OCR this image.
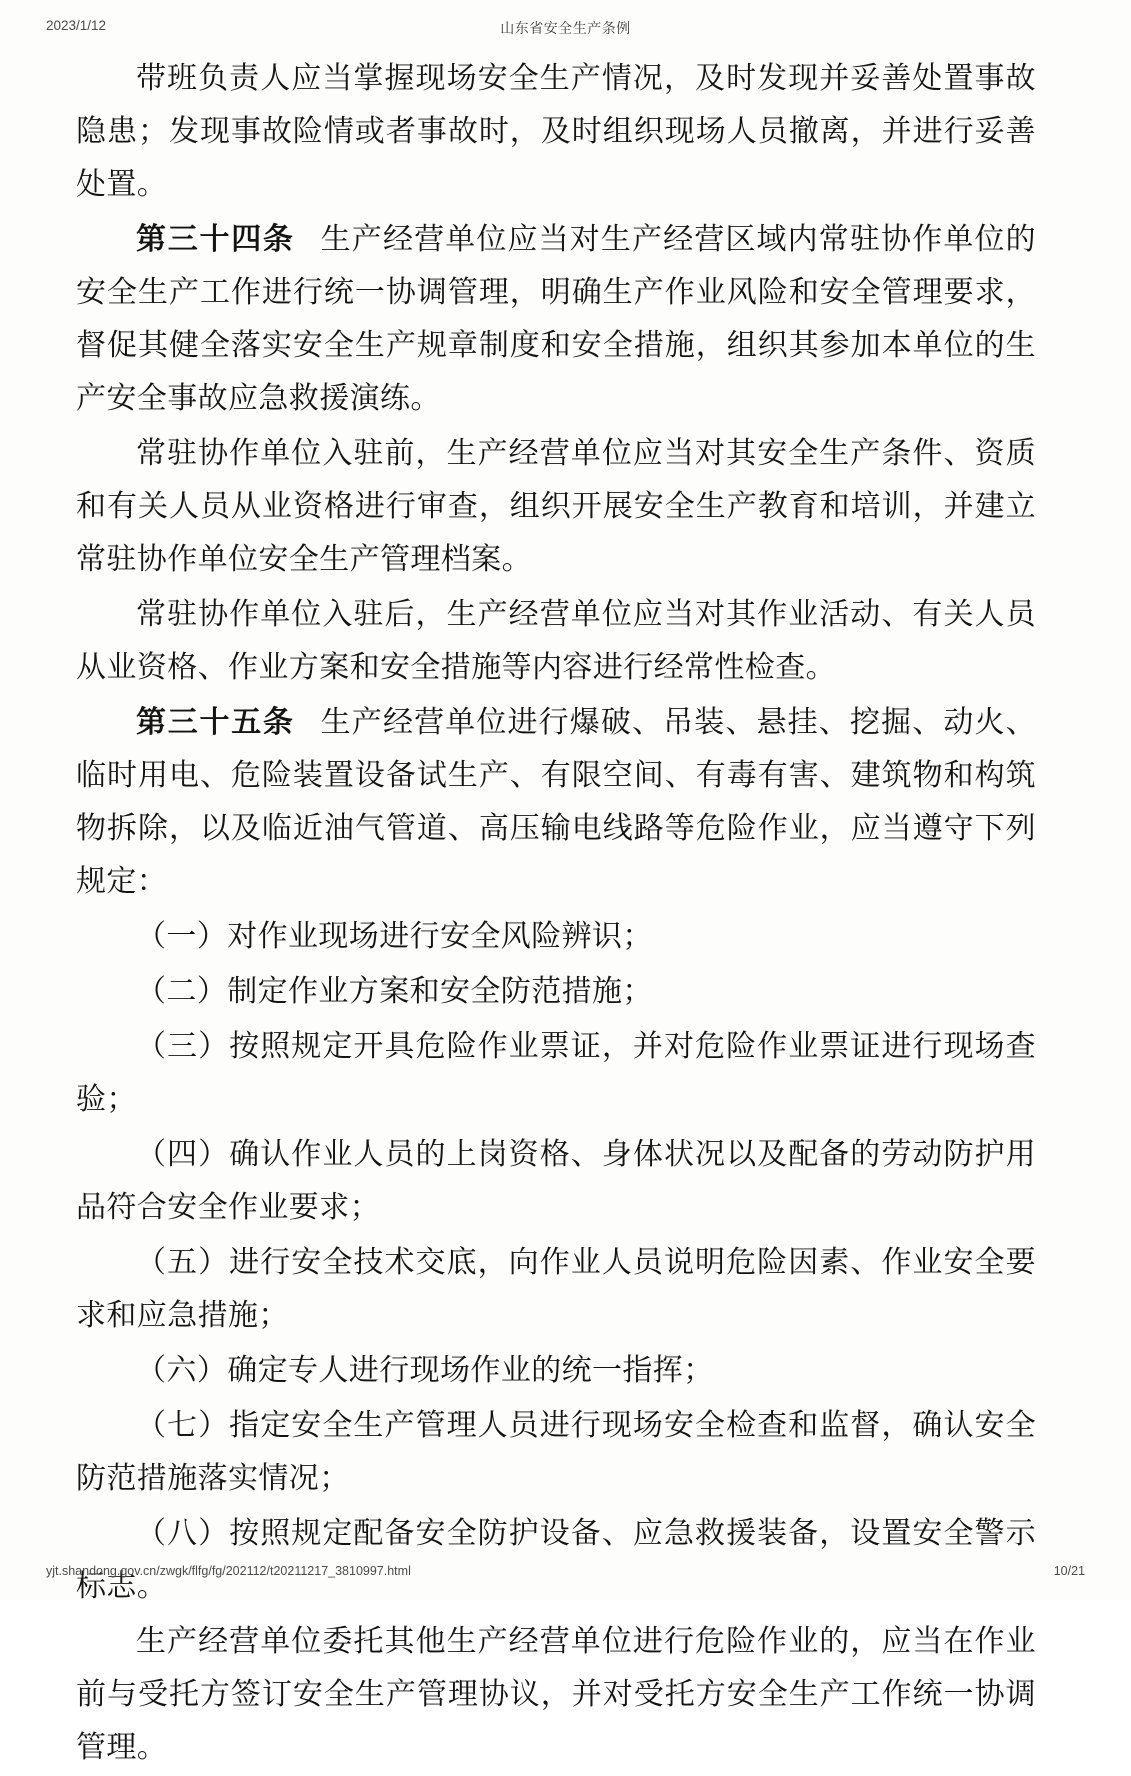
2023/1/12	山东省安全生产条例

带班负责人应当掌握现场安全生产情况，及时发现并妥善处置事故隐患；发现事故险情或者事故时，及时组织现场人员撤离，并进行妥善处置。

第三十四条 生产经营单位应当对生产经营区域内常驻协作单位的安全生产工作进行统一协调管理，明确生产作业风险和安全管理要求，督促其健全落实安全生产规章制度和安全措施，组织其参加本单位的生产安全事故应急救援演练。

常驻协作单位入驻前，生产经营单位应当对其安全生产条件、资质和有关人员从业资格进行审查，组织开展安全生产教育和培训，并建立常驻协作单位安全生产管理档案。

常驻协作单位入驻后，生产经营单位应当对其作业活动、有关人员从业资格、作业方案和安全措施等内容进行经常性检查。

第三十五条 生产经营单位进行爆破、吊装、悬挂、挖掘、动火、临时用电、危险装置设备试生产、有限空间、有毒有害、建筑物和构筑物拆除，以及临近油气管道、高压输电线路等危险作业，应当遵守下列规定：

（一）对作业现场进行安全风险辨识；

（二）制定作业方案和安全防范措施；

（三）按照规定开具危险作业票证，并对危险作业票证进行现场查验；

（四）确认作业人员的上岗资格、身体状况以及配备的劳动防护用品符合安全作业要求；

（五）进行安全技术交底，向作业人员说明危险因素、作业安全要求和应急措施；

（六）确定专人进行现场作业的统一指挥；

（七）指定安全生产管理人员进行现场安全检查和监督，确认安全防范措施落实情况；

（八）按照规定配备安全防护设备、应急救援装备，设置安全警示标志。

生产经营单位委托其他生产经营单位进行危险作业的，应当在作业前与受托方签订安全生产管理协议，并对受托方安全生产工作统一协调管理。

yjt.shandong.gov.cn/zwgk/flfg/fg/202112/t20211217_3810997.html	10/21
